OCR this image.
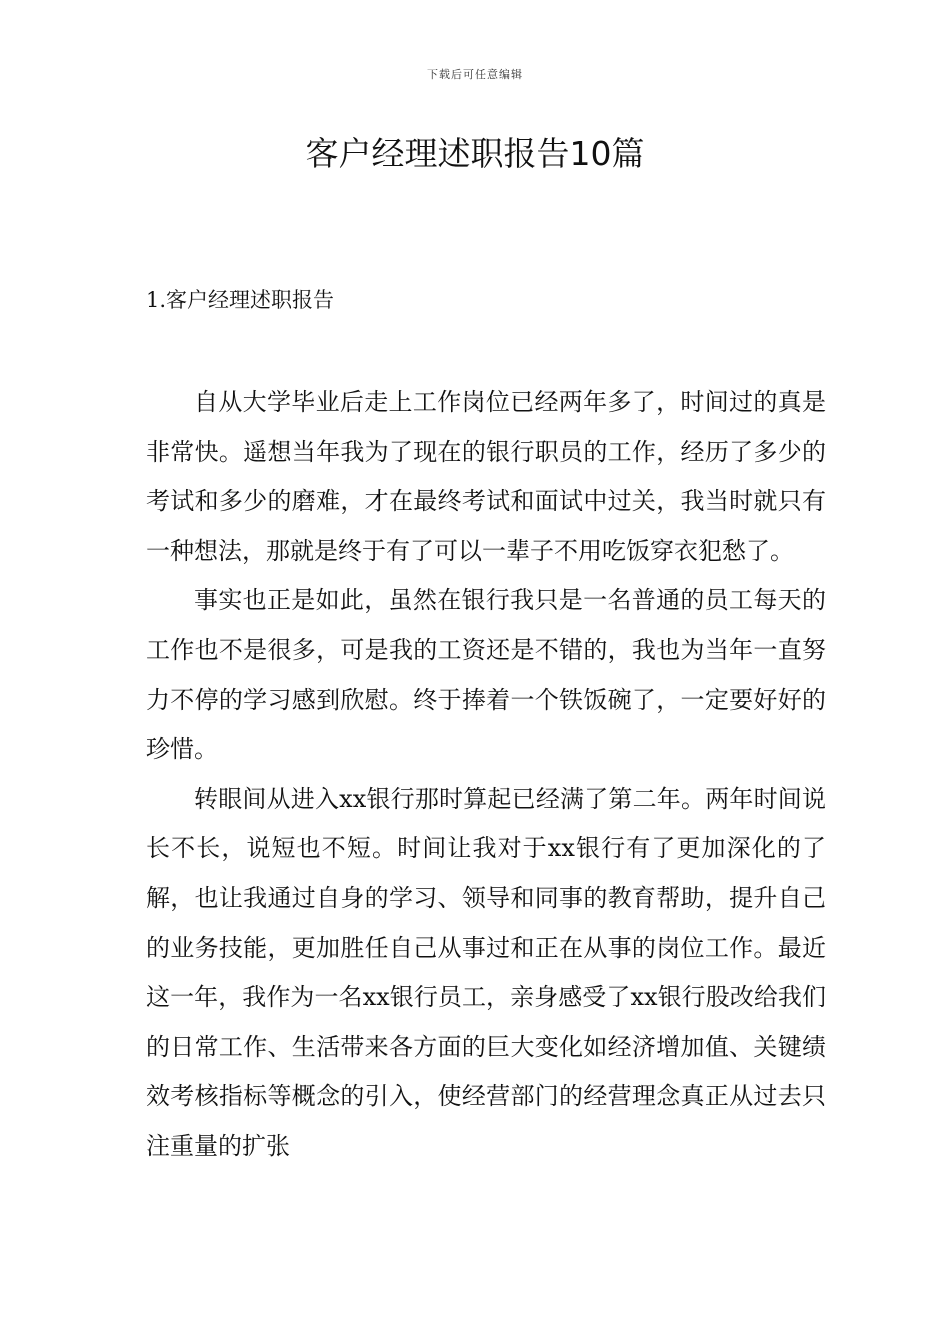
下载后可任意编辑
客户经理述职报告10篇
1.客户经理述职报告

自从大学毕业后走上工作岗位已经两年多了，时间过的真是非常快。遥想当年我为了现在的银行职员的工作，经历了多少的考试和多少的磨难，才在最终考试和面试中过关，我当时就只有一种想法，那就是终于有了可以一辈子不用吃饭穿衣犯愁了。

事实也正是如此，虽然在银行我只是一名普通的员工每天的工作也不是很多，可是我的工资还是不错的，我也为当年一直努力不停的学习感到欣慰。终于捧着一个铁饭碗了，一定要好好的珍惜。

转眼间从进入xx银行那时算起已经满了第二年。两年时间说长不长，说短也不短。时间让我对于xx银行有了更加深化的了解，也让我通过自身的学习、领导和同事的教育帮助，提升自己的业务技能，更加胜任自己从事过和正在从事的岗位工作。最近这一年，我作为一名xx银行员工，亲身感受了xx银行股改给我们的日常工作、生活带来各方面的巨大变化如经济增加值、关键绩效考核指标等概念的引入，使经营部门的经营理念真正从过去只注重量的扩张
